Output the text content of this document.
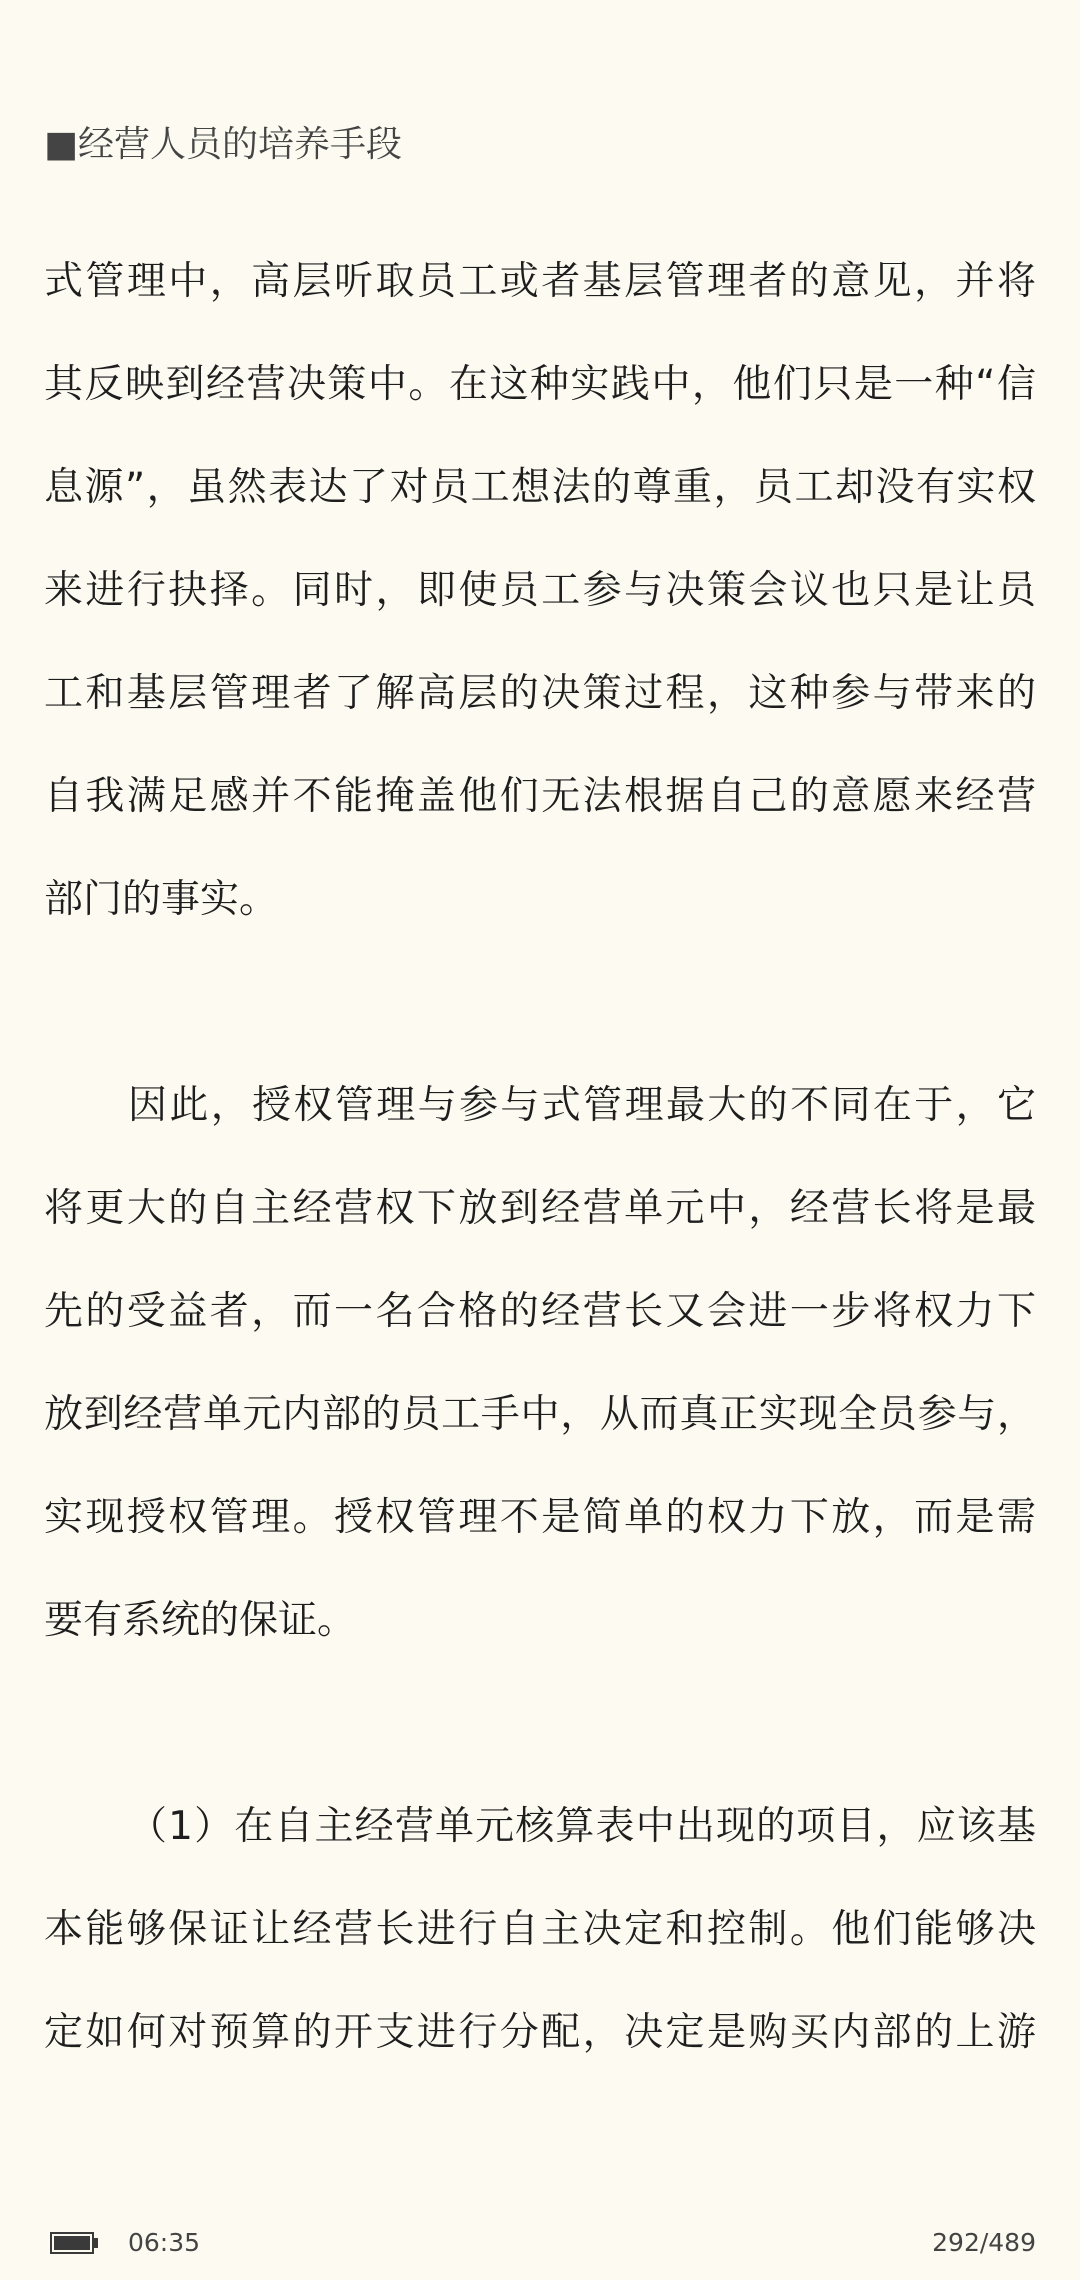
■经营人员的培养手段
式管理中，高层听取员工或者基层管理者的意见，并将
其反映到经营决策中。在这种实践中，他们只是一种“信
息源”，虽然表达了对员工想法的尊重，员工却没有实权
来进行抉择。同时，即使员工参与决策会议也只是让员
工和基层管理者了解高层的决策过程，这种参与带来的
自我满足感并不能掩盖他们无法根据自己的意愿来经营
部门的事实。
因此，授权管理与参与式管理最大的不同在于，它
将更大的自主经营权下放到经营单元中，经营长将是最
先的受益者，而一名合格的经营长又会进一步将权力下
放到经营单元内部的员工手中，从而真正实现全员参与，
实现授权管理。授权管理不是简单的权力下放，而是需
要有系统的保证。
（1）在自主经营单元核算表中出现的项目，应该基
本能够保证让经营长进行自主决定和控制。他们能够决
定如何对预算的开支进行分配，决定是购买内部的上游
06:35	292/489
